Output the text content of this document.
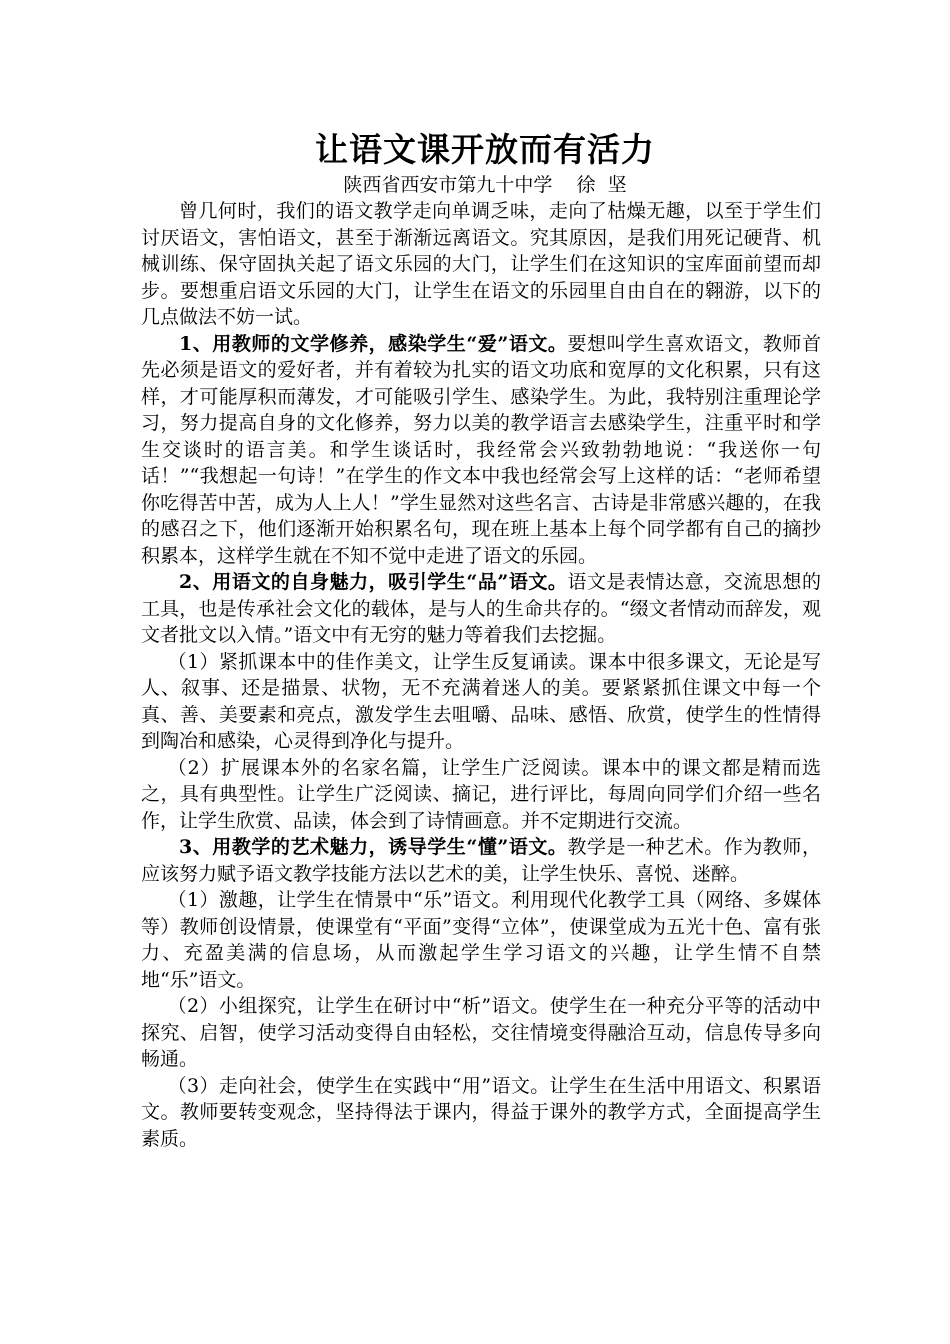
让语文课开放而有活力

陕西省西安市第九十中学    徐  坚

曾几何时，我们的语文教学走向单调乏味，走向了枯燥无趣，以至于学生们讨厌语文，害怕语文，甚至于渐渐远离语文。究其原因，是我们用死记硬背、机械训练、保守固执关起了语文乐园的大门，让学生们在这知识的宝库面前望而却步。要想重启语文乐园的大门，让学生在语文的乐园里自由自在的翱游，以下的几点做法不妨一试。

1、用教师的文学修养，感染学生“爱”语文。要想叫学生喜欢语文，教师首先必须是语文的爱好者，并有着较为扎实的语文功底和宽厚的文化积累，只有这样，才可能厚积而薄发，才可能吸引学生、感染学生。为此，我特别注重理论学习，努力提高自身的文化修养，努力以美的教学语言去感染学生，注重平时和学生交谈时的语言美。和学生谈话时，我经常会兴致勃勃地说：“我送你一句话！”“我想起一句诗！”在学生的作文本中我也经常会写上这样的话：“老师希望你吃得苦中苦，成为人上人！”学生显然对这些名言、古诗是非常感兴趣的，在我的感召之下，他们逐渐开始积累名句，现在班上基本上每个同学都有自己的摘抄积累本，这样学生就在不知不觉中走进了语文的乐园。

2、用语文的自身魅力，吸引学生“品”语文。语文是表情达意，交流思想的工具，也是传承社会文化的载体，是与人的生命共存的。“缀文者情动而辞发，观文者批文以入情。”语文中有无穷的魅力等着我们去挖掘。

（1）紧抓课本中的佳作美文，让学生反复诵读。课本中很多课文，无论是写人、叙事、还是描景、状物，无不充满着迷人的美。要紧紧抓住课文中每一个真、善、美要素和亮点，激发学生去咀嚼、品味、感悟、欣赏，使学生的性情得到陶冶和感染，心灵得到净化与提升。

（2）扩展课本外的名家名篇，让学生广泛阅读。课本中的课文都是精而选之，具有典型性。让学生广泛阅读、摘记，进行评比，每周向同学们介绍一些名作，让学生欣赏、品读，体会到了诗情画意。并不定期进行交流。

3、用教学的艺术魅力，诱导学生“懂”语文。教学是一种艺术。作为教师，应该努力赋予语文教学技能方法以艺术的美，让学生快乐、喜悦、迷醉。

（1）激趣，让学生在情景中“乐”语文。利用现代化教学工具（网络、多媒体等）教师创设情景，使课堂有“平面”变得“立体”，使课堂成为五光十色、富有张力、充盈美满的信息场，从而激起学生学习语文的兴趣，让学生情不自禁地“乐”语文。

（2）小组探究，让学生在研讨中“析”语文。使学生在一种充分平等的活动中探究、启智，使学习活动变得自由轻松，交往情境变得融洽互动，信息传导多向畅通。

（3）走向社会，使学生在实践中“用”语文。让学生在生活中用语文、积累语文。教师要转变观念，坚持得法于课内，得益于课外的教学方式，全面提高学生素质。
